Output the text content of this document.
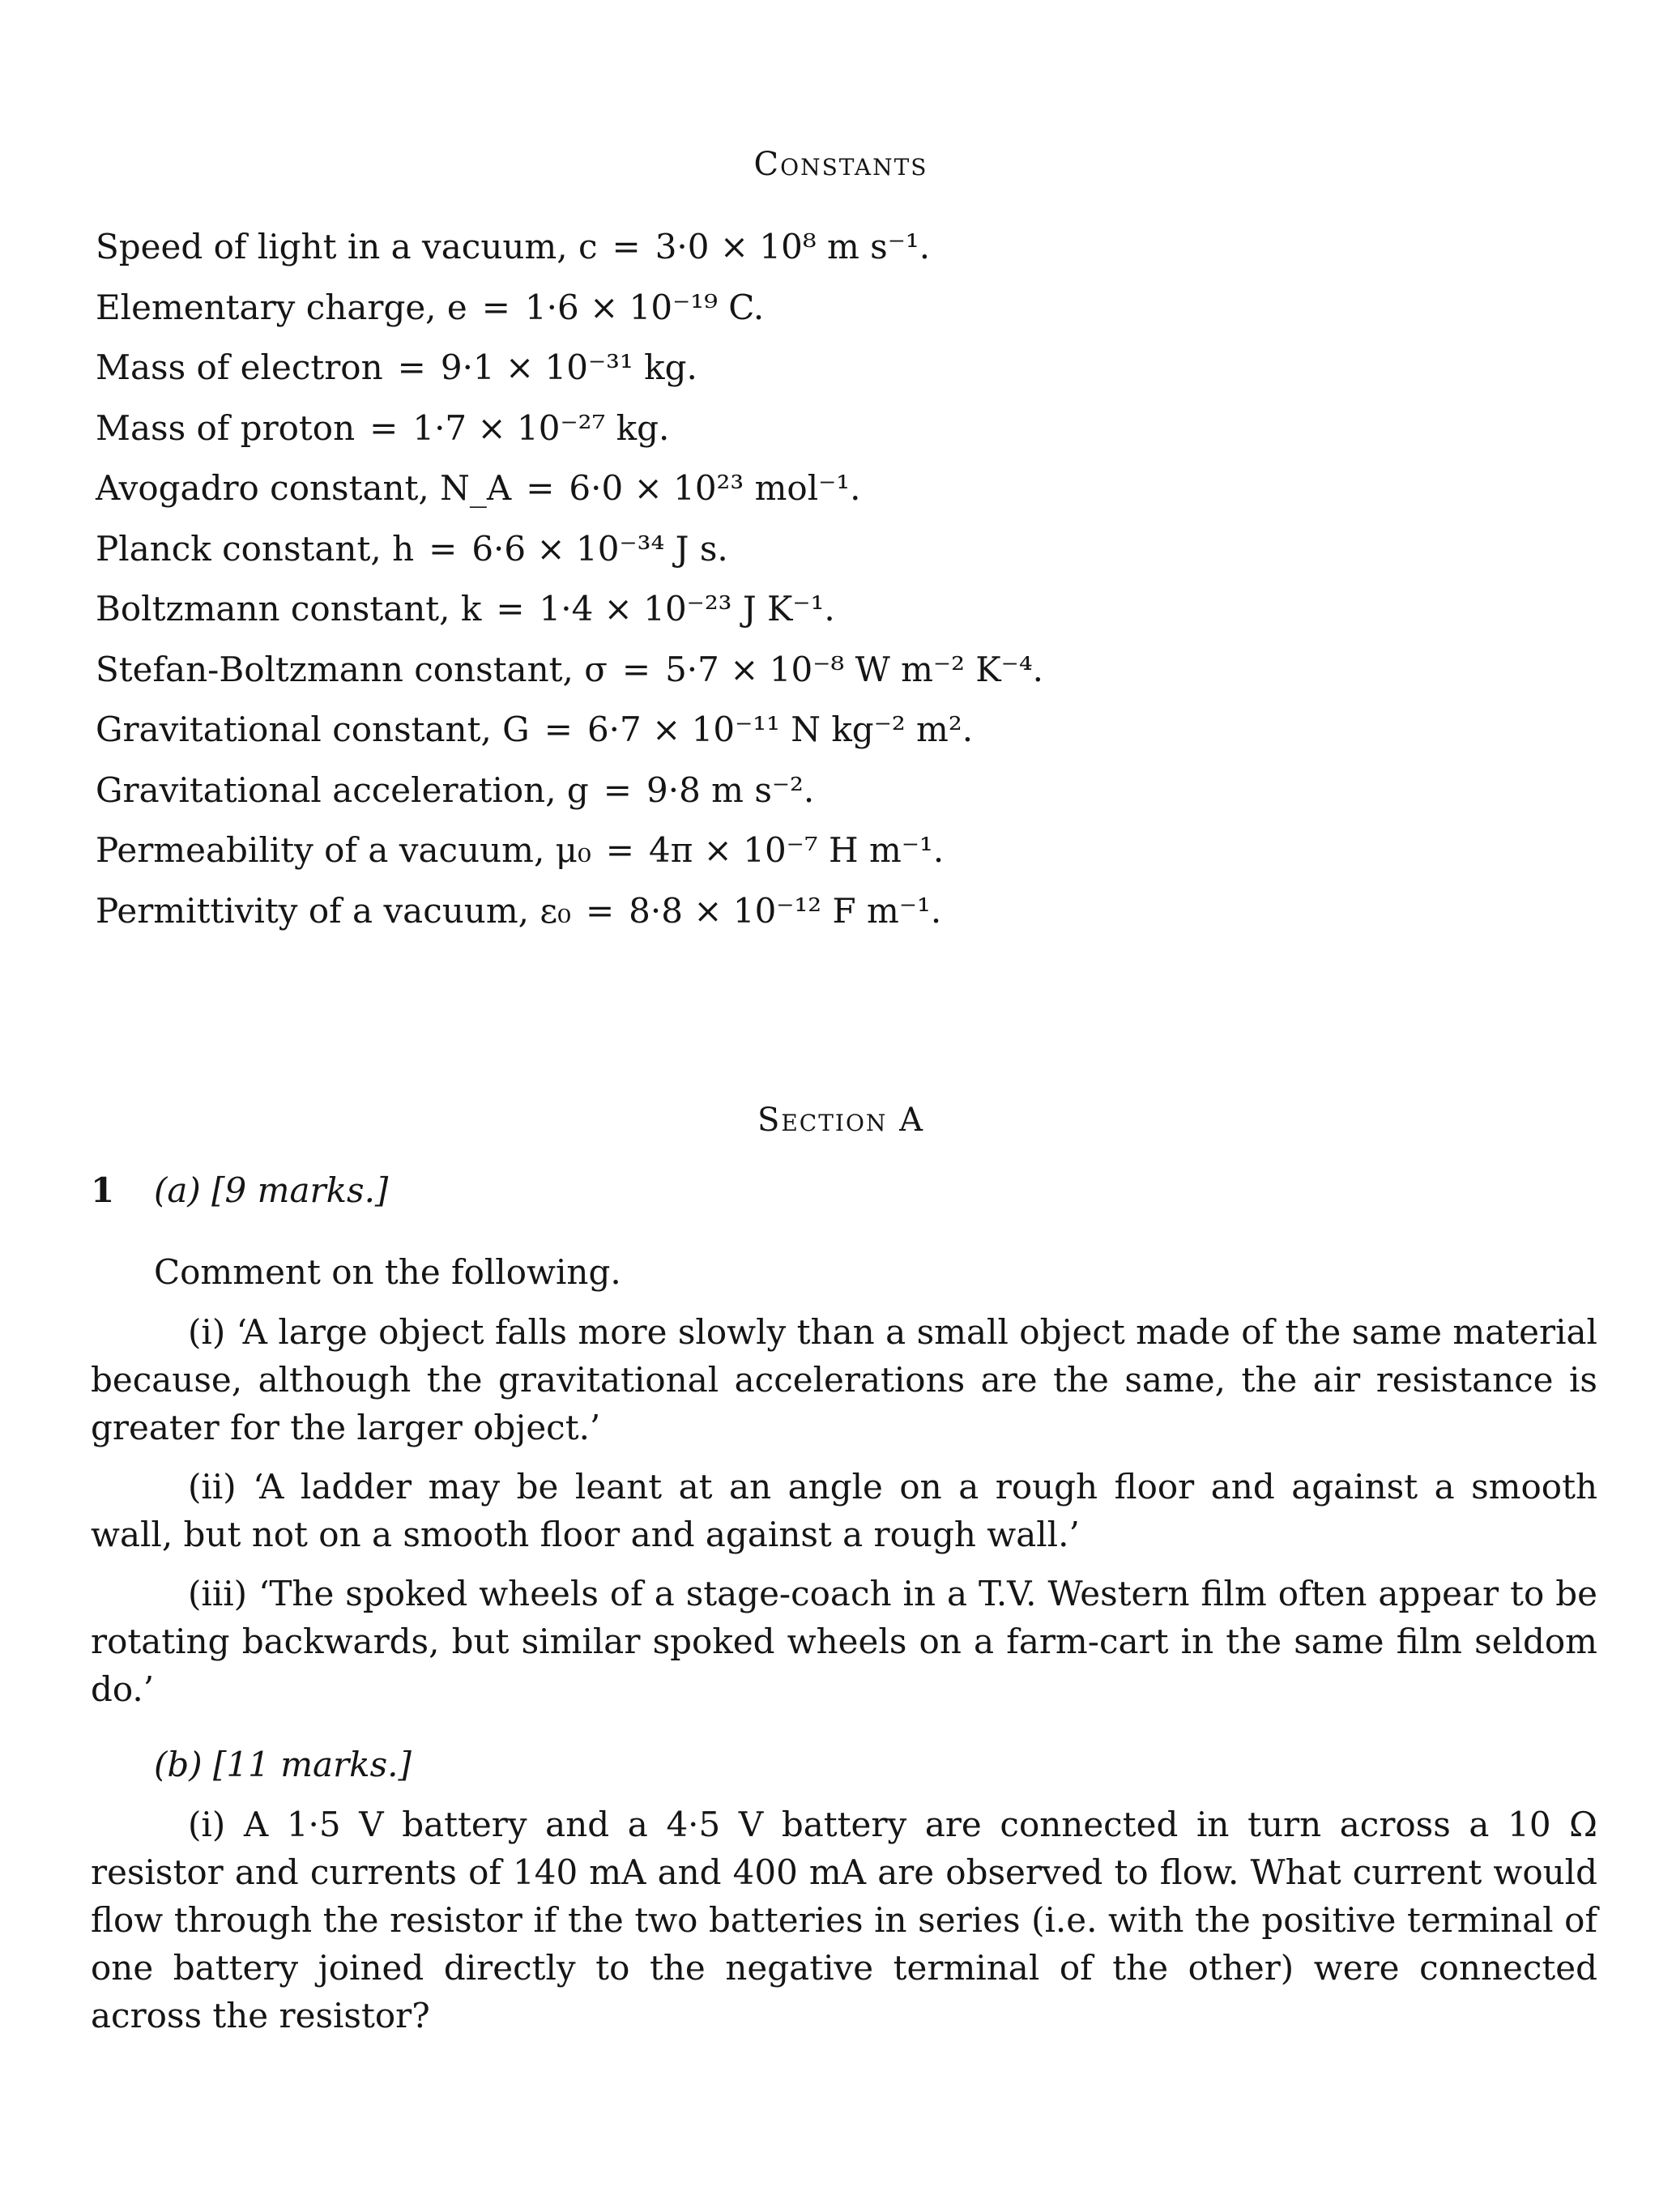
Constants
Speed of light in a vacuum, c = 3·0 × 10⁸ m s⁻¹.
Elementary charge, e = 1·6 × 10⁻¹⁹ C.
Mass of electron = 9·1 × 10⁻³¹ kg.
Mass of proton = 1·7 × 10⁻²⁷ kg.
Avogadro constant, N_A = 6·0 × 10²³ mol⁻¹.
Planck constant, h = 6·6 × 10⁻³⁴ J s.
Boltzmann constant, k = 1·4 × 10⁻²³ J K⁻¹.
Stefan-Boltzmann constant, σ = 5·7 × 10⁻⁸ W m⁻² K⁻⁴.
Gravitational constant, G = 6·7 × 10⁻¹¹ N kg⁻² m².
Gravitational acceleration, g = 9·8 m s⁻².
Permeability of a vacuum, μ₀ = 4π × 10⁻⁷ H m⁻¹.
Permittivity of a vacuum, ε₀ = 8·8 × 10⁻¹² F m⁻¹.
Section A
1 (a) [9 marks.]
Comment on the following.
(i) ‘A large object falls more slowly than a small object made of the same material because, although the gravitational accelerations are the same, the air resistance is greater for the larger object.’
(ii) ‘A ladder may be leant at an angle on a rough floor and against a smooth wall, but not on a smooth floor and against a rough wall.’
(iii) ‘The spoked wheels of a stage-coach in a T.V. Western film often appear to be rotating backwards, but similar spoked wheels on a farm-cart in the same film seldom do.’
(b) [11 marks.]
(i) A 1·5 V battery and a 4·5 V battery are connected in turn across a 10 Ω resistor and currents of 140 mA and 400 mA are observed to flow. What current would flow through the resistor if the two batteries in series (i.e. with the positive terminal of one battery joined directly to the negative terminal of the other) were connected across the resistor?
